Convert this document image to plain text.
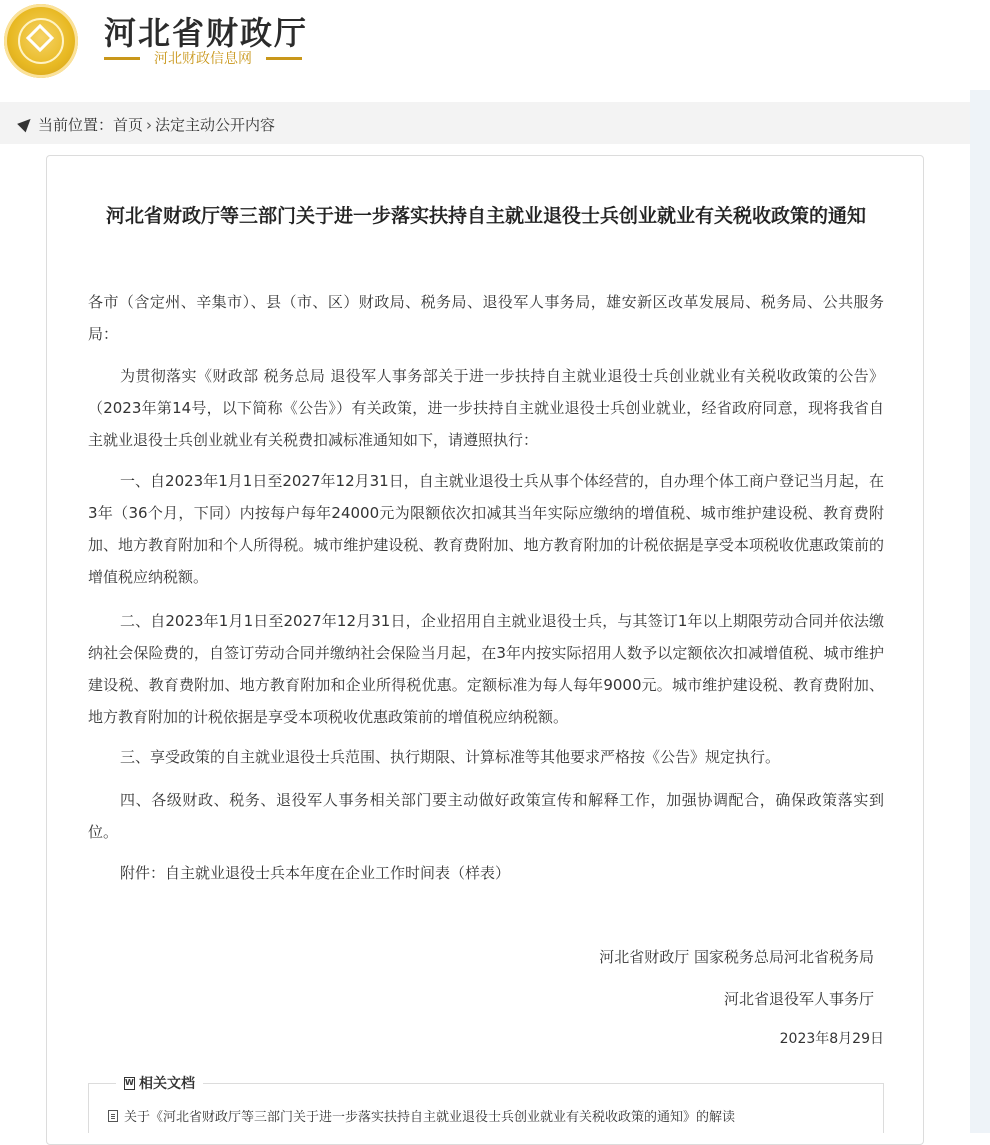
河北省财政厅
河北财政信息网
当前位置：首页 › 法定主动公开内容
河北省财政厅等三部门关于进一步落实扶持自主就业退役士兵创业就业有关税收政策的通知

各市（含定州、辛集市）、县（市、区）财政局、税务局、退役军人事务局，雄安新区改革发展局、税务局、公共服务局：

为贯彻落实《财政部 税务总局 退役军人事务部关于进一步扶持自主就业退役士兵创业就业有关税收政策的公告》（2023年第14号，以下简称《公告》）有关政策，进一步扶持自主就业退役士兵创业就业，经省政府同意，现将我省自主就业退役士兵创业就业有关税费扣减标准通知如下，请遵照执行：

一、自2023年1月1日至2027年12月31日，自主就业退役士兵从事个体经营的，自办理个体工商户登记当月起，在3年（36个月，下同）内按每户每年24000元为限额依次扣减其当年实际应缴纳的增值税、城市维护建设税、教育费附加、地方教育附加和个人所得税。城市维护建设税、教育费附加、地方教育附加的计税依据是享受本项税收优惠政策前的增值税应纳税额。

二、自2023年1月1日至2027年12月31日，企业招用自主就业退役士兵，与其签订1年以上期限劳动合同并依法缴纳社会保险费的，自签订劳动合同并缴纳社会保险当月起，在3年内按实际招用人数予以定额依次扣减增值税、城市维护建设税、教育费附加、地方教育附加和企业所得税优惠。定额标准为每人每年9000元。城市维护建设税、教育费附加、地方教育附加的计税依据是享受本项税收优惠政策前的增值税应纳税额。

三、享受政策的自主就业退役士兵范围、执行期限、计算标准等其他要求严格按《公告》规定执行。

四、各级财政、税务、退役军人事务相关部门要主动做好政策宣传和解释工作，加强协调配合，确保政策落实到位。

附件：自主就业退役士兵本年度在企业工作时间表（样表）

河北省财政厅 国家税务总局河北省税务局
河北省退役军人事务厅
2023年8月29日
W相关文档
关于《河北省财政厅等三部门关于进一步落实扶持自主就业退役士兵创业就业有关税收政策的通知》的解读
